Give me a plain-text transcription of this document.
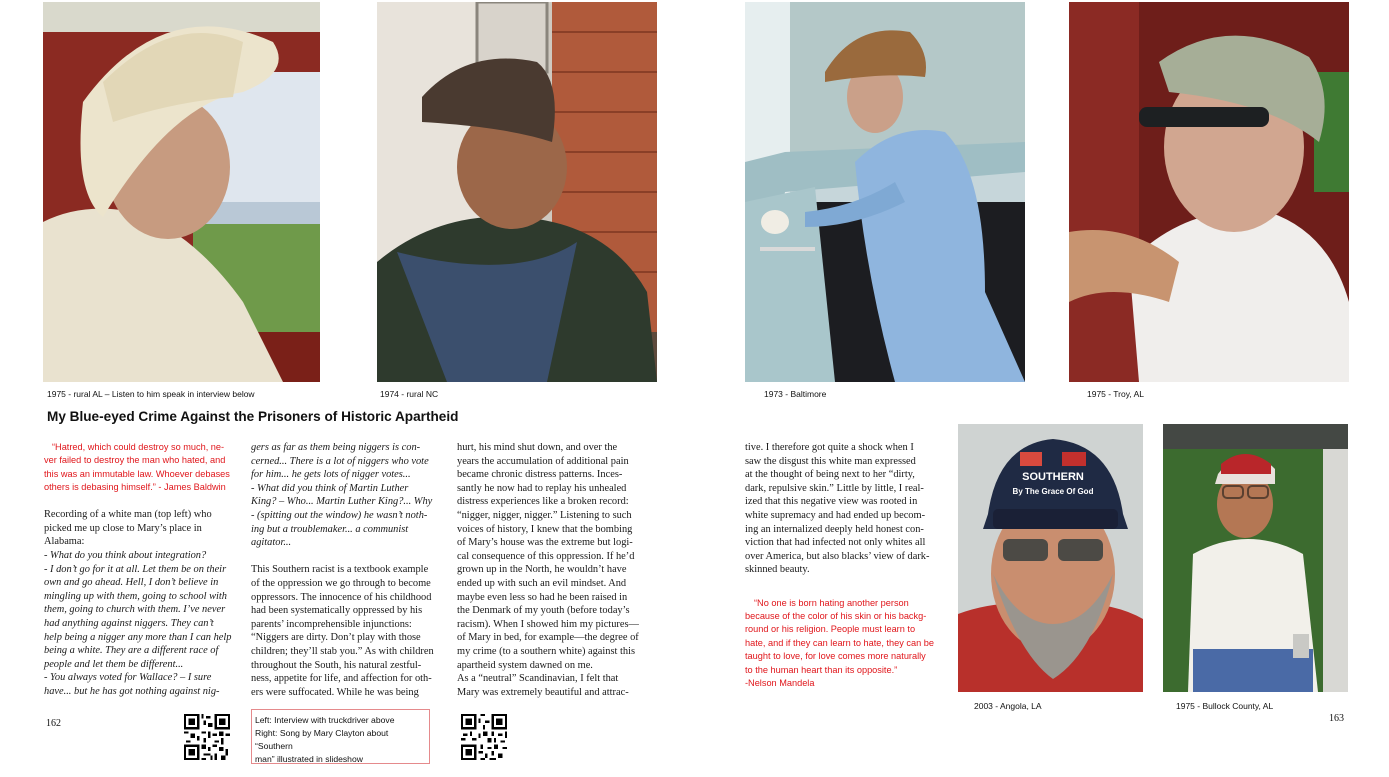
1975 - rural AL – Listen to him speak in interview below	1974 - rural NC	1973 - Baltimore	1975 - Troy, AL
My Blue-eyed Crime Against the Prisoners of Historic Apartheid

“Hatred, which could destroy so much, ne-

ver failed to destroy the man who hated, and

this was an immutable law. Whoever debases

others is debasing himself.” - James Baldwin

Recording of a white man (top left) who

picked me up close to Mary’s place in

Alabama:

- What do you think about integration?

- I don’t go for it at all. Let them be on their

own and go ahead. Hell, I don’t believe in

mingling up with them, going to school with

them, going to church with them. I’ve never

had anything against niggers. They can’t

help being a nigger any more than I can help

being a white. They are a different race of

people and let them be different...

- You always voted for Wallace? – I sure

have... but he has got nothing against nig-

gers as far as them being niggers is con-

cerned... There is a lot of niggers who vote

for him... he gets lots of nigger votes...

- What did you think of Martin Luther

King? – Who... Martin Luther King?... Why

- (spitting out the window) he wasn’t noth-

ing but a troublemaker... a communist

agitator...

This Southern racist is a textbook example

of the oppression we go through to become

oppressors. The innocence of his childhood

had been systematically oppressed by his

parents’ incomprehensible injunctions:

“Niggers are dirty. Don’t play with those

children; they’ll stab you.” As with children

throughout the South, his natural zestful-

ness, appetite for life, and affection for oth-

ers were suffocated. While he was being

hurt, his mind shut down, and over the

years the accumulation of additional pain

became chronic distress patterns. Inces-

santly he now had to replay his unhealed

distress experiences like a broken record:

“nigger, nigger, nigger.” Listening to such

voices of history, I knew that the bombing

of Mary’s house was the extreme but logi-

cal consequence of this oppression. If he’d

grown up in the North, he wouldn’t have

ended up with such an evil mindset. And

maybe even less so had he been raised in

the Denmark of my youth (before today’s

racism). When I showed him my pictures—

of Mary in bed, for example—the degree of

my crime (to a southern white) against this

apartheid system dawned on me.

As a “neutral” Scandinavian, I felt that

Mary was extremely beautiful and attrac-

tive. I therefore got quite a shock when I

saw the disgust this white man expressed

at the thought of being next to her “dirty,

dark, repulsive skin.” Little by little, I real-

ized that this negative view was rooted in

white supremacy and had ended up becom-

ing an internalized deeply held honest con-

viction that had infected not only whites all

over America, but also blacks’ view of dark-

skinned beauty.

“No one is born hating another person

because of the color of his skin or his backg-

round or his religion. People must learn to

hate, and if they can learn to hate, they can be

taught to love, for love comes more naturally

to the human heart than its opposite.”

-Nelson Mandela

SOUTHERN
By The Grace Of God
2003 - Angola, LA	1975 - Bullock County, AL
Left: Interview with truckdriver above
Right: Song by Mary Clayton about “Southern
man” illustrated in slideshow
162	163
